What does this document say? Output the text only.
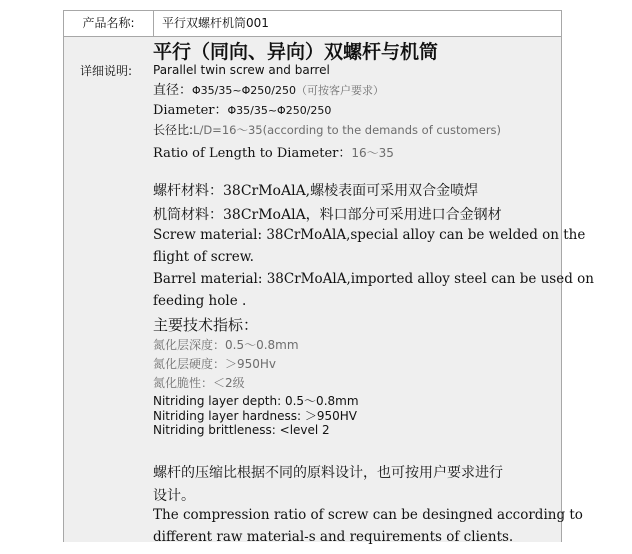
产品名称:	平行双螺杆机筒001
详细说明:
平行（同向、异向）双螺杆与机筒
Parallel twin screw and barrel
直径：Φ35/35~Φ250/250（可按客户要求）
Diameter：Φ35/35~Φ250/250
长径比:L/D=16～35(according to the demands of customers)
Ratio of Length to Diameter：16～35
螺杆材料：38CrMoAlA,螺棱表面可采用双合金喷焊
机筒材料：38CrMoAlA，料口部分可采用进口合金钢材
Screw material: 38CrMoAlA,special alloy can be welded on the
flight of screw.
Barrel material: 38CrMoAlA,imported alloy steel can be used on
feeding hole .
主要技术指标：
氮化层深度：0.5～0.8mm
氮化层硬度：＞950Hv
氮化脆性：＜2级
Nitriding layer depth: 0.5～0.8mm
Nitriding layer hardness: ＞950HV
Nitriding brittleness: <level 2
螺杆的压缩比根据不同的原料设计，也可按用户要求进行
设计。
The compression ratio of screw can be desingned according to
different raw material-s and requirements of clients.
